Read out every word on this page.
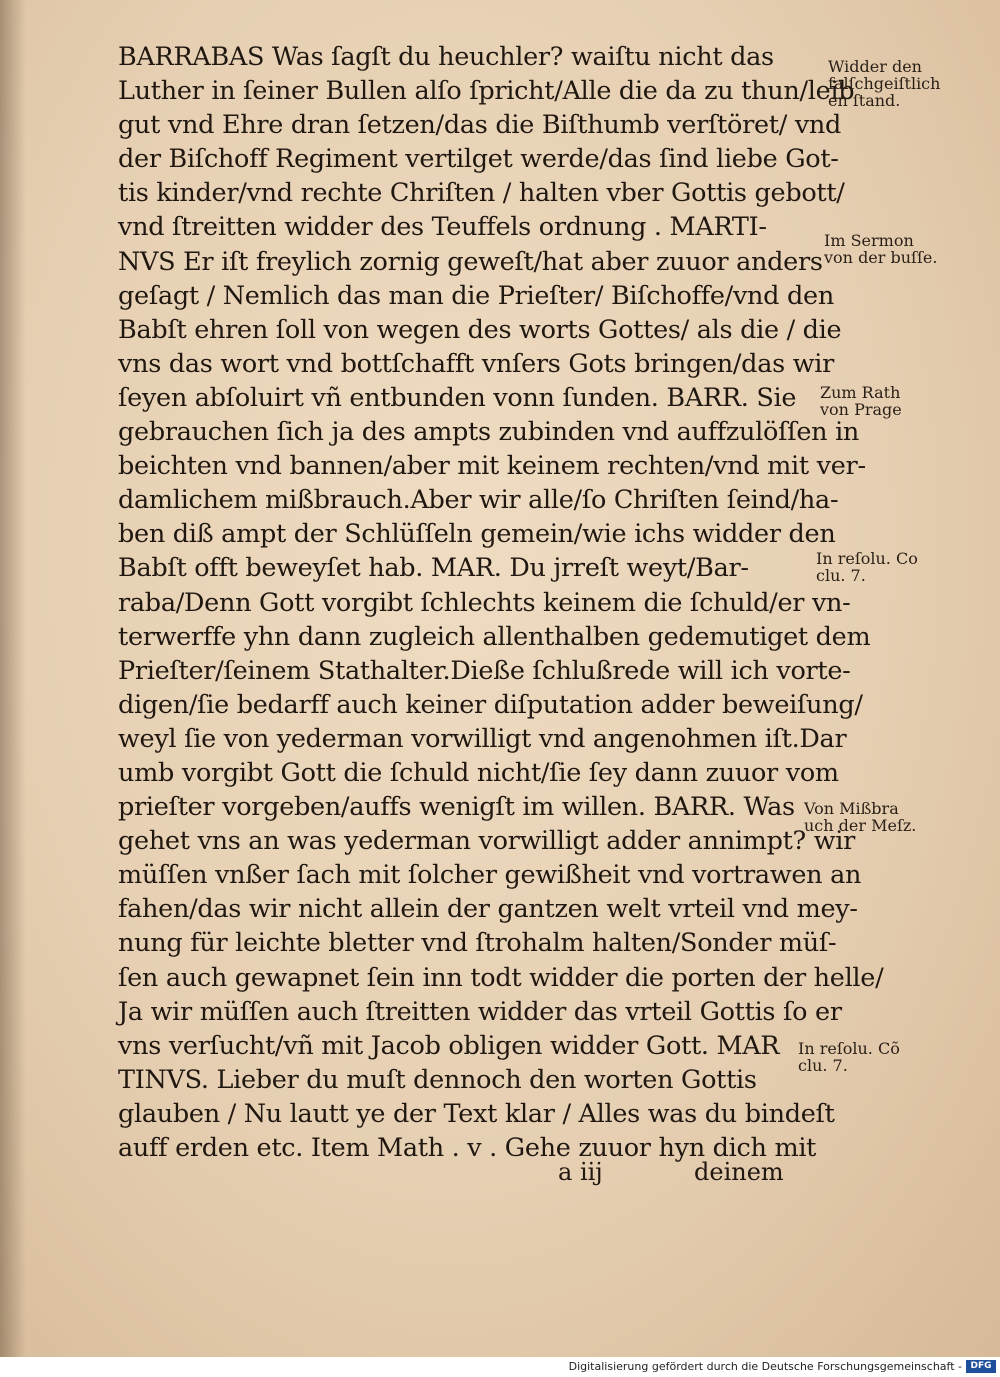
BARRABAS Was ſagſt du heuchler? waiſtu nicht das
Luther in ſeiner Bullen alſo ſpricht/Alle die da zu thun/leib
gut vnd Ehre dran ſetzen/das die Biſthumb verſtöret/ vnd
der Biſchoff Regiment vertilget werde/das ſind liebe Got-
tis kinder/vnd rechte Chriſten / halten vber Gottis gebott/
vnd ſtreitten widder des Teuffels ordnung . MARTI-
NVS Er iſt freylich zornig geweſt/hat aber zuuor anders
geſagt / Nemlich das man die Prieſter/ Biſchoffe/vnd den
Babſt ehren ſoll von wegen des worts Gottes/ als die / die
vns das wort vnd bottſchafft vnſers Gots bringen/das wir
ſeyen abſoluirt vñ entbunden vonn ſunden. BARR. Sie
gebrauchen ſich ja des ampts zubinden vnd auffzulöſſen in
beichten vnd bannen/aber mit keinem rechten/vnd mit ver-
damlichem mißbrauch.Aber wir alle/ſo Chriſten ſeind/ha-
ben diß ampt der Schlüſſeln gemein/wie ichs widder den
Babſt offt beweyſet hab. MAR. Du jrreſt weyt/Bar-
raba/Denn Gott vorgibt ſchlechts keinem die ſchuld/er vn-
terwerffe yhn dann zugleich allenthalben gedemutiget dem
Prieſter/ſeinem Stathalter.Dieße ſchlußrede will ich vorte-
digen/ſie bedarff auch keiner diſputation adder beweiſung/
weyl ſie von yederman vorwilligt vnd angenohmen iſt.Dar
umb vorgibt Gott die ſchuld nicht/ſie ſey dann zuuor vom
prieſter vorgeben/auffs wenigſt im willen. BARR. Was
gehet vns an was yederman vorwilligt adder annimpt? wir
müſſen vnßer ſach mit ſolcher gewißheit vnd vortrawen an
fahen/das wir nicht allein der gantzen welt vrteil vnd mey-
nung für leichte bletter vnd ſtrohalm halten/Sonder müſ-
ſen auch gewapnet ſein inn todt widder die porten der helle/
Ja wir müſſen auch ſtreitten widder das vrteil Gottis ſo er
vns verſucht/vñ mit Jacob obligen widder Gott. MAR
TINVS. Lieber du muſt dennoch den worten Gottis
glauben / Nu lautt ye der Text klar / Alles was du bindeſt
auff erden etc. Item Math . v . Gehe zuuor hyn dich mit
Widder den
falſchgeiſtlich
en ſtand.
Im Sermon
von der buſſe.
Zum Rath
von Prage
In reſolu. Co
clu. 7.
Von Mißbra
uch der Meſz.
In reſolu. Cõ
clu. 7.
a iij	deinem
Digitalisierung gefördert durch die Deutsche Forschungsgemeinschaft - DFG
